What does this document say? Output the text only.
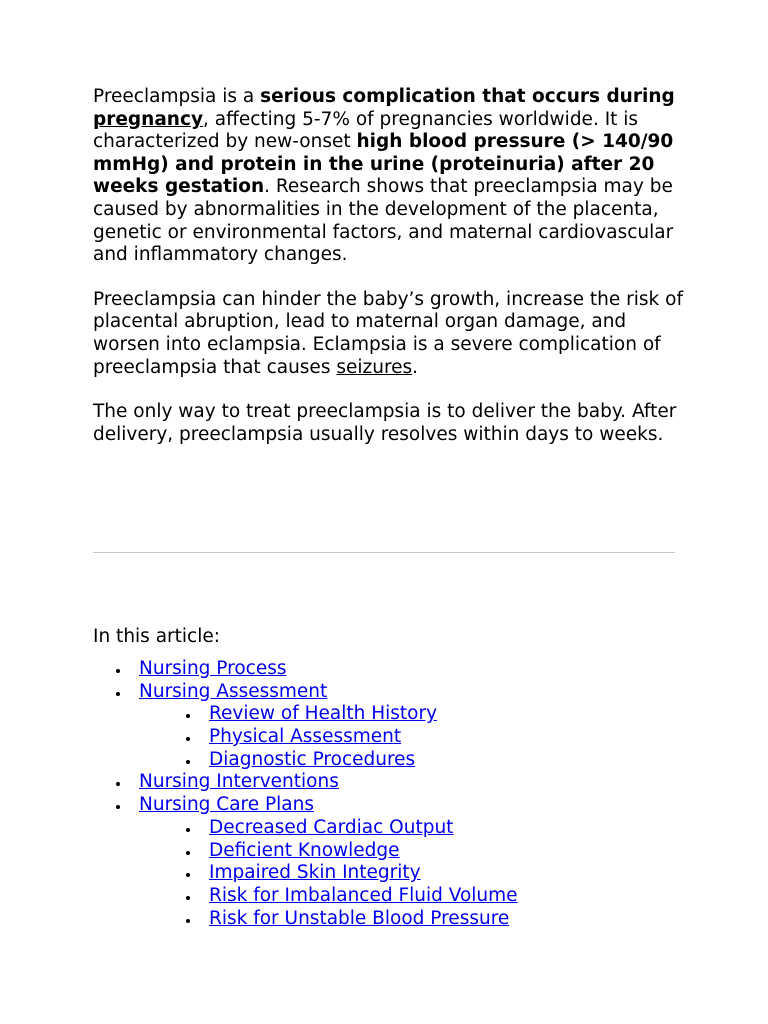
Preeclampsia is a serious complication that occurs during pregnancy, affecting 5-7% of pregnancies worldwide. It is characterized by new-onset high blood pressure (> 140/90 mmHg) and protein in the urine (proteinuria) after 20 weeks gestation. Research shows that preeclampsia may be caused by abnormalities in the development of the placenta, genetic or environmental factors, and maternal cardiovascular and inflammatory changes.

Preeclampsia can hinder the baby’s growth, increase the risk of placental abruption, lead to maternal organ damage, and worsen into eclampsia. Eclampsia is a severe complication of preeclampsia that causes seizures.

The only way to treat preeclampsia is to deliver the baby. After delivery, preeclampsia usually resolves within days to weeks.

In this article:
Nursing Process
Nursing Assessment
Review of Health History
Physical Assessment
Diagnostic Procedures
Nursing Interventions
Nursing Care Plans
Decreased Cardiac Output
Deficient Knowledge
Impaired Skin Integrity
Risk for Imbalanced Fluid Volume
Risk for Unstable Blood Pressure
